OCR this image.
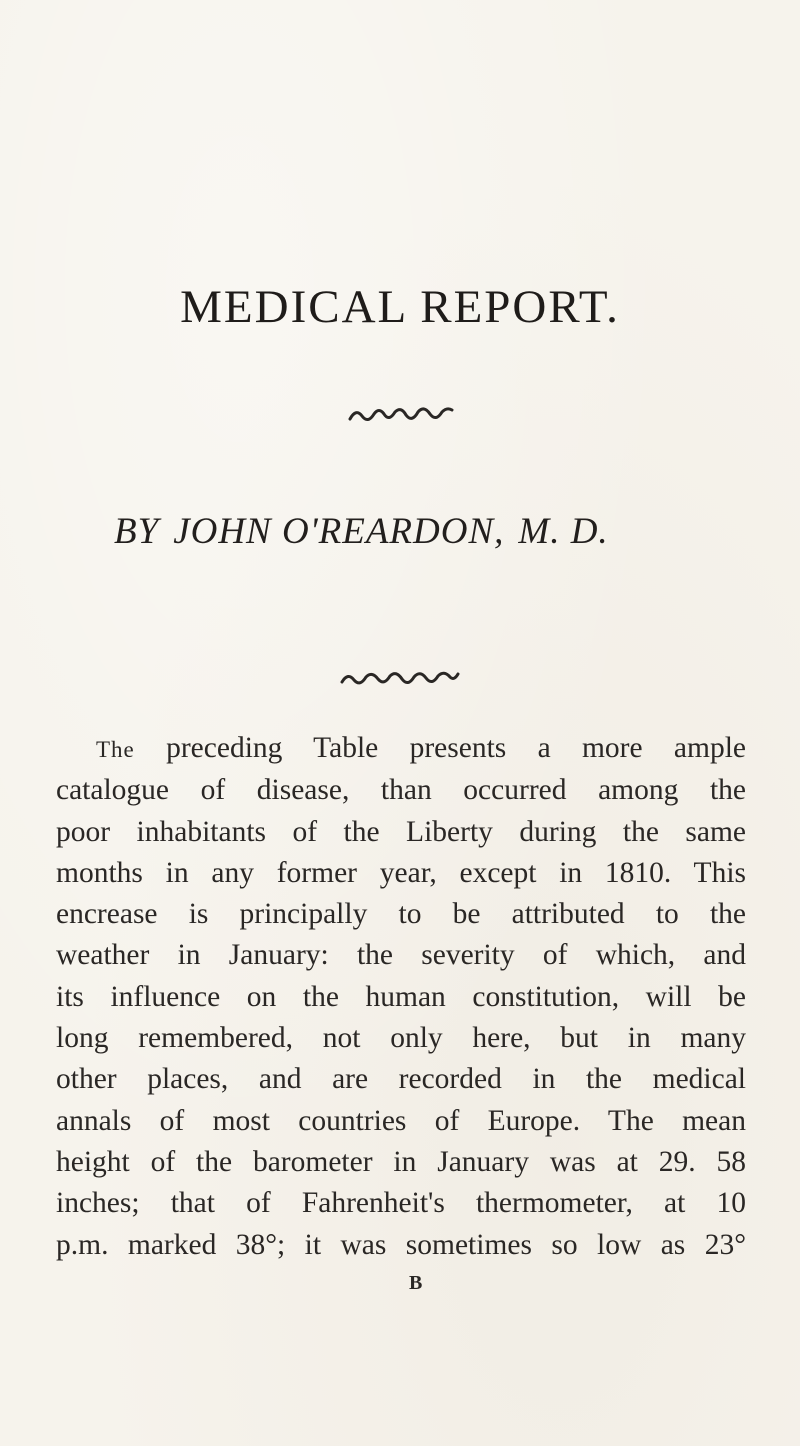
MEDICAL REPORT.
BY JOHN O'REARDON, M. D.
The preceding Table presents a more ample
catalogue of disease, than occurred among the
poor inhabitants of the Liberty during the same
months in any former year, except in 1810. This
encrease is principally to be attributed to the
weather in January: the severity of which, and
its influence on the human constitution, will be
long remembered, not only here, but in many
other places, and are recorded in the medical
annals of most countries of Europe. The mean
height of the barometer in January was at 29. 58
inches; that of Fahrenheit's thermometer, at 10
p.m. marked 38°; it was sometimes so low as 23°
B
